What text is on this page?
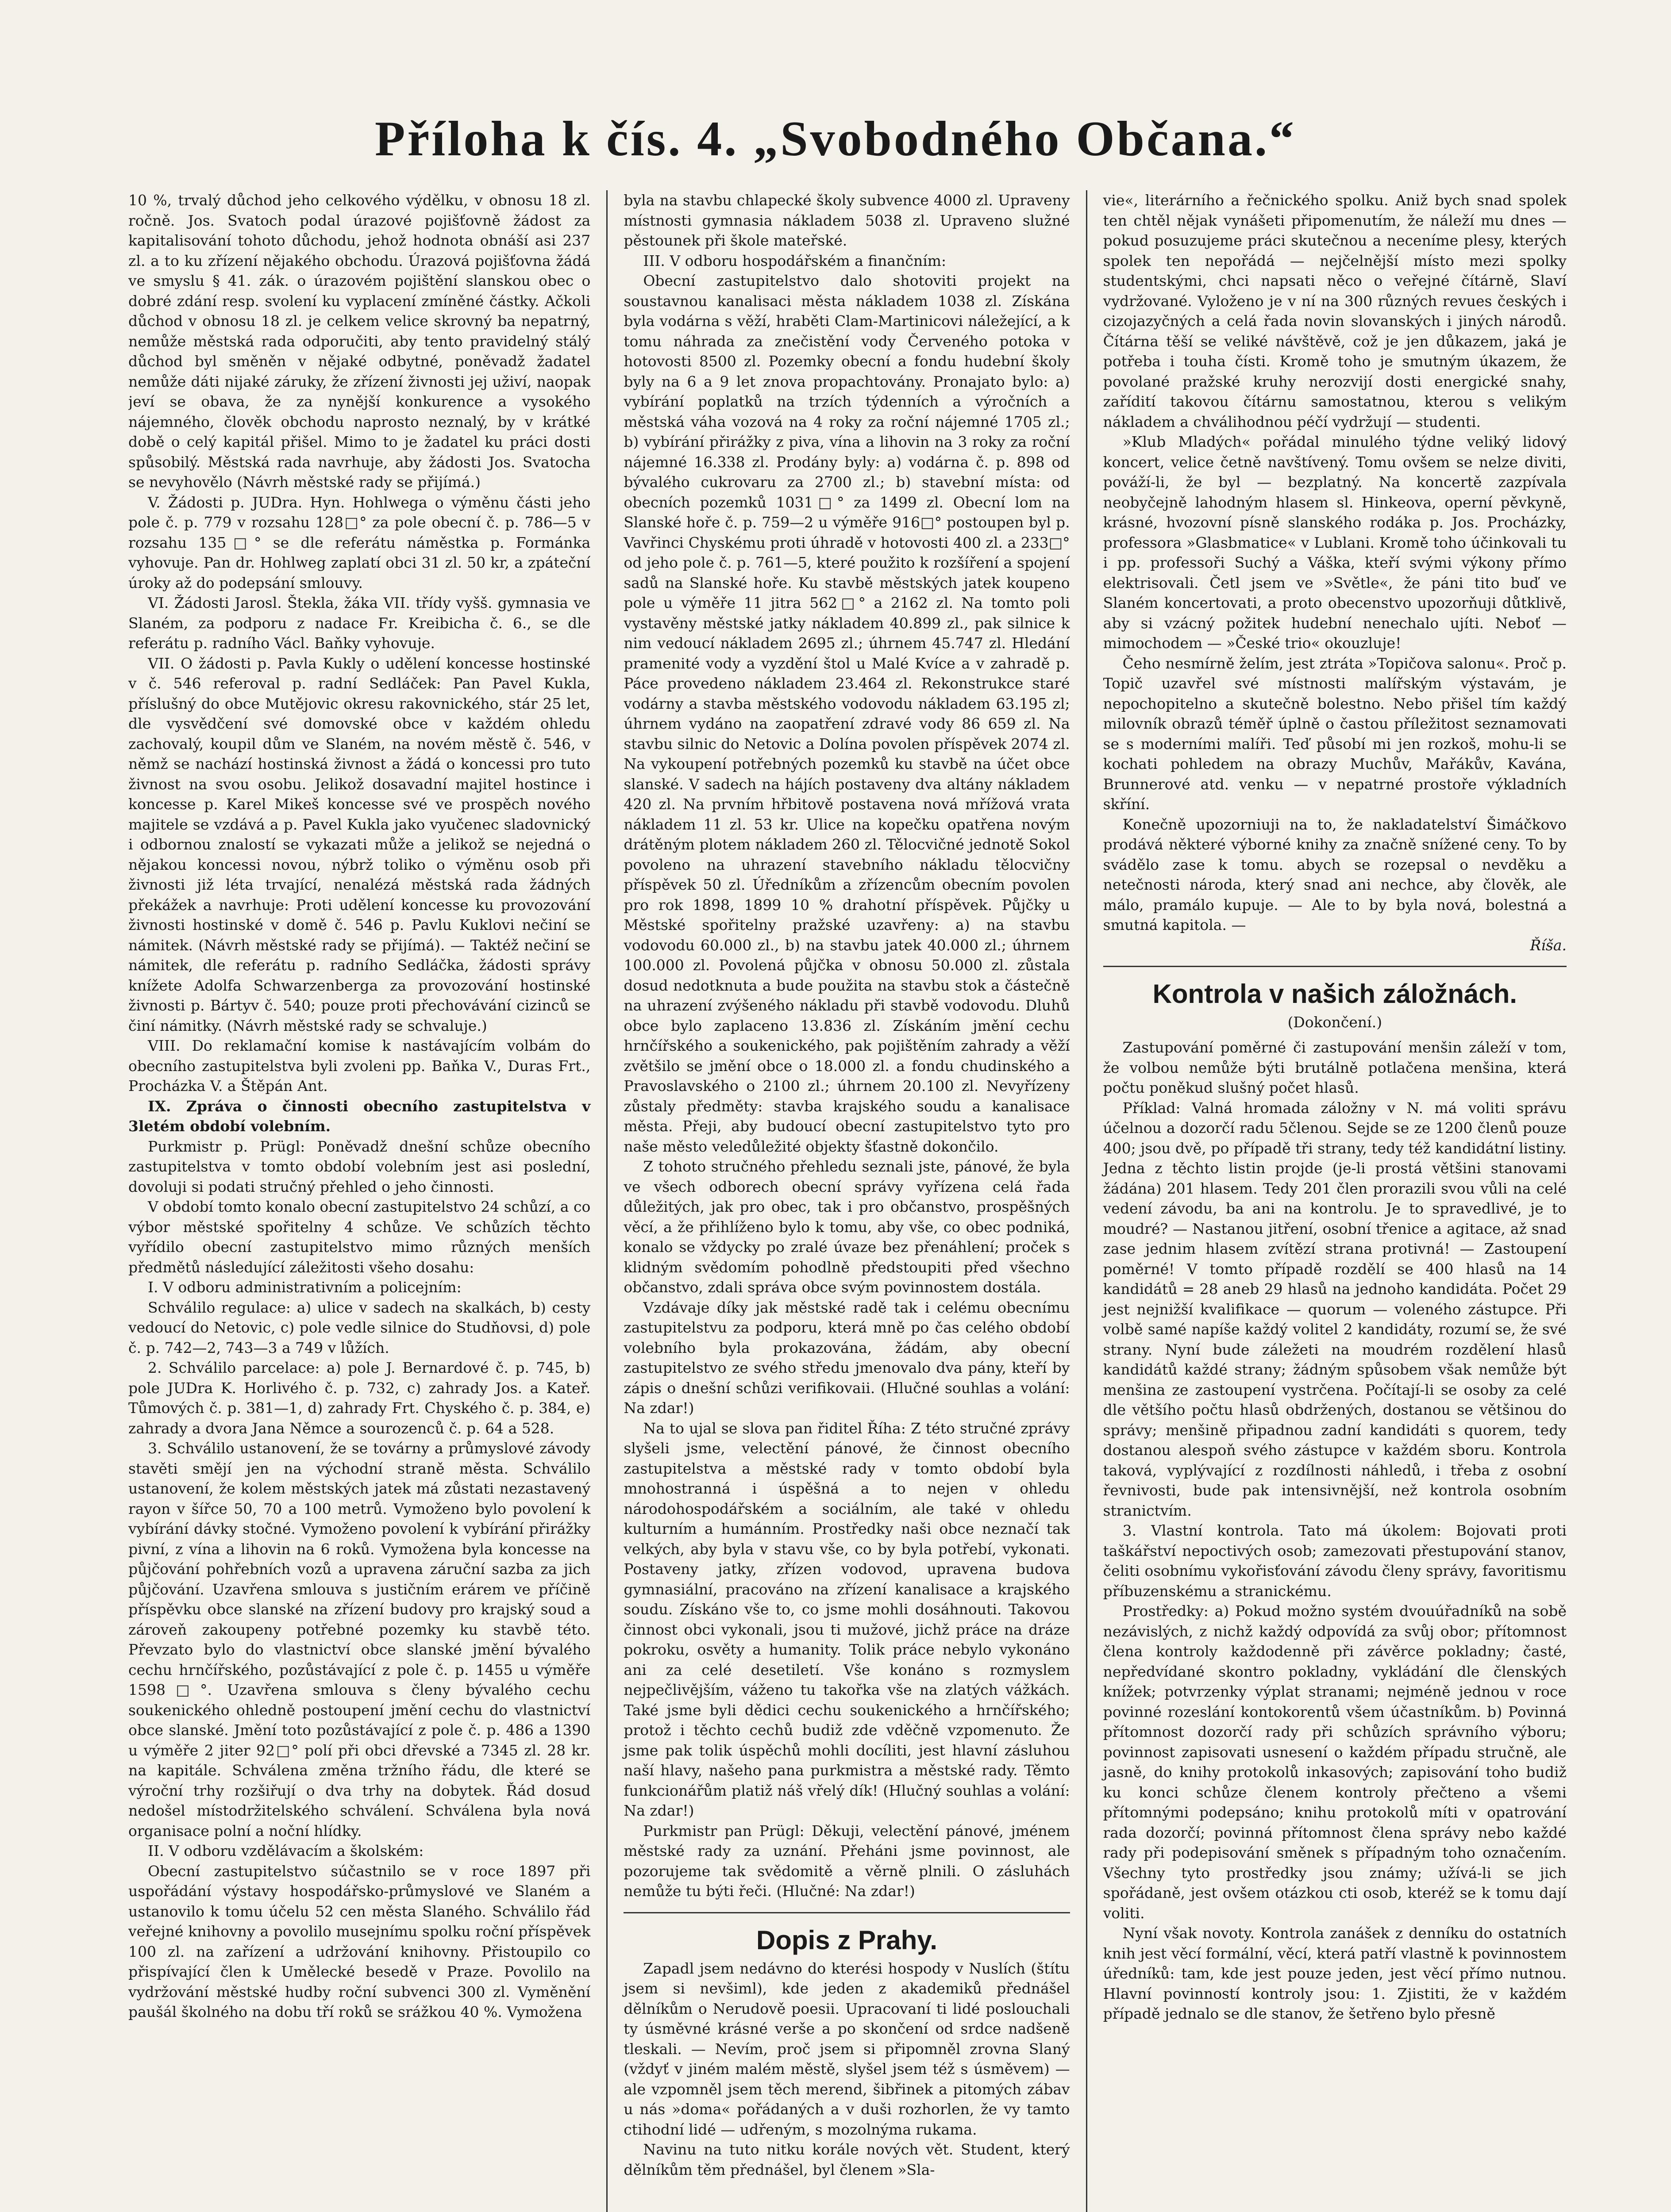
Příloha k čís. 4. „Svobodného Občana.“

10 %, trvalý důchod jeho celkového výdělku, v obnosu 18 zl. ročně. Jos. Svatoch podal úrazové pojišťovně žádost za kapitalisování tohoto důchodu, jehož hodnota obnáší asi 237 zl. a to ku zřízení nějakého obchodu. Úrazová pojišťovna žádá ve smyslu § 41. zák. o úrazovém pojištění slanskou obec o dobré zdání resp. svolení ku vyplacení zmíněné částky. Ačkoli důchod v obnosu 18 zl. je celkem velice skrovný ba nepatrný, nemůže městská rada odporučiti, aby tento pravidelný stálý důchod byl směněn v nějaké odbytné, poněvadž žadatel nemůže dáti nijaké záruky, že zřízení živnosti jej uživí, naopak jeví se obava, že za nynější konkurence a vysokého nájemného, člověk obchodu naprosto neznalý, by v krátké době o celý kapitál přišel. Mimo to je žadatel ku práci dosti spůsobilý. Městská rada navrhuje, aby žádosti Jos. Svatocha se nevyhovělo (Návrh městské rady se přijímá.)

V. Žádosti p. JUDra. Hyn. Hohlwega o výměnu části jeho pole č. p. 779 v rozsahu 128□° za pole obecní č. p. 786—5 v rozsahu 135□° se dle referátu náměstka p. Formánka vyhovuje. Pan dr. Hohlweg zaplatí obci 31 zl. 50 kr, a zpáteční úroky až do podepsání smlouvy.

VI. Žádosti Jarosl. Štekla, žáka VII. třídy vyšš. gymnasia ve Slaném, za podporu z nadace Fr. Kreibicha č. 6., se dle referátu p. radního Václ. Baňky vyhovuje.

VII. O žádosti p. Pavla Kukly o udělení koncesse hostinské v č. 546 referoval p. radní Sedláček: Pan Pavel Kukla, příslušný do obce Mutějovic okresu rakovnického, stár 25 let, dle vysvědčení své domovské obce v každém ohledu zachovalý, koupil dům ve Slaném, na novém městě č. 546, v němž se nachází hostinská živnost a žádá o koncessi pro tuto živnost na svou osobu. Jelikož dosavadní majitel hostince i koncesse p. Karel Mikeš koncesse své ve prospěch nového majitele se vzdává a p. Pavel Kukla jako vyučenec sladovnický i odbornou znalostí se vykazati může a jelikož se nejedná o nějakou koncessi novou, nýbrž toliko o výměnu osob při živnosti již léta trvající, nenalézá městská rada žádných překážek a navrhuje: Proti udělení koncesse ku provozování živnosti hostinské v domě č. 546 p. Pavlu Kuklovi nečiní se námitek. (Návrh městské rady se přijímá). — Taktéž nečiní se námitek, dle referátu p. radního Sedláčka, žádosti správy knížete Adolfa Schwarzenberga za provozování hostinské živnosti p. Bártyv č. 540; pouze proti přechovávání cizinců se činí námitky. (Návrh městské rady se schvaluje.)

VIII. Do reklamační komise k nastávajícím volbám do obecního zastupitelstva byli zvoleni pp. Baňka V., Duras Frt., Procházka V. a Štěpán Ant.

IX. Zpráva o činnosti obecního zastupitelstva v 3letém období volebním.

Purkmistr p. Prügl: Poněvadž dnešní schůze obecního zastupitelstva v tomto období volebním jest asi poslední, dovoluji si podati stručný přehled o jeho činnosti.

V období tomto konalo obecní zastupitelstvo 24 schůzí, a co výbor městské spořitelny 4 schůze. Ve schůzích těchto vyřídilo obecní zastupitelstvo mimo různých menších předmětů následující záležitosti všeho dosahu:

I. V odboru administrativním a policejním:

Schválilo regulace: a) ulice v sadech na skalkách, b) cesty vedoucí do Netovic, c) pole vedle silnice do Studňovsi, d) pole č. p. 742—2, 743—3 a 749 v lůžích.

2. Schválilo parcelace: a) pole J. Bernardové č. p. 745, b) pole JUDra K. Horlivého č. p. 732, c) zahrady Jos. a Kateř. Tůmových č. p. 381—1, d) zahrady Frt. Chyského č. p. 384, e) zahrady a dvora Jana Němce a sourozenců č. p. 64 a 528.

3. Schválilo ustanovení, že se továrny a průmyslové závody stavěti smějí jen na východní straně města. Schválilo ustanovení, že kolem městských jatek má zůstati nezastavený rayon v šířce 50, 70 a 100 metrů. Vymoženo bylo povolení k vybírání dávky stočné. Vymoženo povolení k vybírání přirážky pivní, z vína a lihovin na 6 roků. Vymožena byla koncesse na půjčování pohřebních vozů a upravena záruční sazba za jich půjčování. Uzavřena smlouva s justičním erárem ve příčině příspěvku obce slanské na zřízení budovy pro krajský soud a zároveň zakoupeny potřebné pozemky ku stavbě této. Převzato bylo do vlastnictví obce slanské jmění bývalého cechu hrnčířského, pozůstávající z pole č. p. 1455 u výměře 1598□°. Uzavřena smlouva s členy bývalého cechu soukenického ohledně postoupení jmění cechu do vlastnictví obce slanské. Jmění toto pozůstávající z pole č. p. 486 a 1390 u výměře 2 jiter 92□° polí při obci dřevské a 7345 zl. 28 kr. na kapitále. Schválena změna tržního řádu, dle které se výroční trhy rozšiřují o dva trhy na dobytek. Řád dosud nedošel místodržitelského schválení. Schválena byla nová organisace polní a noční hlídky.

II. V odboru vzdělávacím a školském:

Obecní zastupitelstvo súčastnilo se v roce 1897 při uspořádání výstavy hospodářsko-průmyslové ve Slaném a ustanovilo k tomu účelu 52 cen města Slaného. Schválilo řád veřejné knihovny a povolilo musejnímu spolku roční příspěvek 100 zl. na zařízení a udržování knihovny. Přistoupilo co přispívající člen k Umělecké besedě v Praze. Povolilo na vydržování městské hudby roční subvenci 300 zl. Vyměnění paušál školného na dobu tří roků se srážkou 40 %. Vymožena

byla na stavbu chlapecké školy subvence 4000 zl. Upraveny místnosti gymnasia nákladem 5038 zl. Upraveno služné pěstounek při škole mateřské.

III. V odboru hospodářském a finančním:

Obecní zastupitelstvo dalo shotoviti projekt na soustavnou kanalisaci města nákladem 1038 zl. Získána byla vodárna s věží, hraběti Clam-Martinicovi náležející, a k tomu náhrada za znečistění vody Červeného potoka v hotovosti 8500 zl. Pozemky obecní a fondu hudební školy byly na 6 a 9 let znova propachtovány. Pronajato bylo: a) vybírání poplatků na trzích týdenních a výročních a městská váha vozová na 4 roky za roční nájemné 1705 zl.; b) vybírání přirážky z piva, vína a lihovin na 3 roky za roční nájemné 16.338 zl. Prodány byly: a) vodárna č. p. 898 od bývalého cukrovaru za 2700 zl.; b) stavební místa: od obecních pozemků 1031□° za 1499 zl. Obecní lom na Slanské hoře č. p. 759—2 u výměře 916□° postoupen byl p. Vavřinci Chyskému proti úhradě v hotovosti 400 zl. a 233□° od jeho pole č. p. 761—5, které použito k rozšíření a spojení sadů na Slanské hoře. Ku stavbě městských jatek koupeno pole u výměře 11 jitra 562□° a 2162 zl. Na tomto poli vystavěny městské jatky nákladem 40.899 zl., pak silnice k nim vedoucí nákladem 2695 zl.; úhrnem 45.747 zl. Hledání pramenité vody a vyzdění štol u Malé Kvíce a v zahradě p. Páce provedeno nákladem 23.464 zl. Rekonstrukce staré vodárny a stavba městského vodovodu nákladem 63.195 zl; úhrnem vydáno na zaopatření zdravé vody 86 659 zl. Na stavbu silnic do Netovic a Dolína povolen příspěvek 2074 zl. Na vykoupení potřebných pozemků ku stavbě na účet obce slanské. V sadech na hájích postaveny dva altány nákladem 420 zl. Na prvním hřbitově postavena nová mřížová vrata nákladem 11 zl. 53 kr. Ulice na kopečku opatřena novým drátěným plotem nákladem 260 zl. Tělocvičné jednotě Sokol povoleno na uhrazení stavebního nákladu tělocvičny příspěvek 50 zl. Úředníkům a zřízencům obecním povolen pro rok 1898, 1899 10 % drahotní příspěvek. Půjčky u Městské spořitelny pražské uzavřeny: a) na stavbu vodovodu 60.000 zl., b) na stavbu jatek 40.000 zl.; úhrnem 100.000 zl. Povolená půjčka v obnosu 50.000 zl. zůstala dosud nedotknuta a bude použita na stavbu stok a částečně na uhrazení zvýšeného nákladu při stavbě vodovodu. Dluhů obce bylo zaplaceno 13.836 zl. Získáním jmění cechu hrnčířského a soukenického, pak pojištěním zahrady a věží zvětšilo se jmění obce o 18.000 zl. a fondu chudinského a Pravoslavského o 2100 zl.; úhrnem 20.100 zl. Nevyřízeny zůstaly předměty: stavba krajského soudu a kanalisace města. Přeji, aby budoucí obecní zastupitelstvo tyto pro naše město veledůležité objekty šťastně dokončilo.

Z tohoto stručného přehledu seznali jste, pánové, že byla ve všech odborech obecní správy vyřízena celá řada důležitých, jak pro obec, tak i pro občanstvo, prospěšných věcí, a že přihlíženo bylo k tomu, aby vše, co obec podniká, konalo se vždycky po zralé úvaze bez přenáhlení; proček s klidným svědomím pohodlně předstoupiti před všechno občanstvo, zdali správa obce svým povinnostem dostála.

Vzdávaje díky jak městské radě tak i celému obecnímu zastupitelstvu za podporu, která mně po čas celého období volebního byla prokazována, žádám, aby obecní zastupitelstvo ze svého středu jmenovalo dva pány, kteří by zápis o dnešní schůzi verifikovaii. (Hlučné souhlas a volání: Na zdar!)

Na to ujal se slova pan řiditel Říha: Z této stručné zprávy slyšeli jsme, velectění pánové, že činnost obecního zastupitelstva a městské rady v tomto období byla mnohostranná i úspěšná a to nejen v ohledu národohospodářském a sociálním, ale také v ohledu kulturním a humánním. Prostředky naši obce neznačí tak velkých, aby byla v stavu vše, co by byla potřebí, vykonati. Postaveny jatky, zřízen vodovod, upravena budova gymnasiální, pracováno na zřízení kanalisace a krajského soudu. Získáno vše to, co jsme mohli dosáhnouti. Takovou činnost obci vykonali, jsou ti mužové, jichž práce na dráze pokroku, osvěty a humanity. Tolik práce nebylo vykonáno ani za celé desetiletí. Vše konáno s rozmyslem nejpečlivějším, váženo tu takořka vše na zlatých vážkách. Také jsme byli dědici cechu soukenického a hrnčířského; protož i těchto cechů budiž zde vděčně vzpomenuto. Že jsme pak tolik úspěchů mohli docíliti, jest hlavní zásluhou naší hlavy, našeho pana purkmistra a městské rady. Těmto funkcionářům platiž náš vřelý dík! (Hlučný souhlas a volání: Na zdar!)

Purkmistr pan Prügl: Děkuji, velectění pánové, jménem městské rady za uznání. Přeháni jsme povinnost, ale pozorujeme tak svědomitě a věrně plnili. O zásluhách nemůže tu býti řeči. (Hlučné: Na zdar!)

Dopis z Prahy.

Zapadl jsem nedávno do kterési hospody v Nuslích (štítu jsem si nevšiml), kde jeden z akademiků přednášel dělníkům o Nerudově poesii. Upracovaní ti lidé poslouchali ty úsměvné krásné verše a po skončení od srdce nadšeně tleskali. — Nevím, proč jsem si připomněl zrovna Slaný (vždyť v jiném malém městě, slyšel jsem též s úsměvem) — ale vzpomněl jsem těch merend, šibřinek a pitomých zábav u nás »doma« pořádaných a v duši rozhorlen, že vy tamto ctihodní lidé — udřeným, s mozolnýma rukama.

Navinu na tuto nitku korále nových vět. Student, který dělníkům těm přednášel, byl členem »Sla-

vie«, literárního a řečnického spolku. Aniž bych snad spolek ten chtěl nějak vynášeti připomenutím, že náleží mu dnes — pokud posuzujeme práci skutečnou a neceníme plesy, kterých spolek ten nepořádá — nejčelnější místo mezi spolky studentskými, chci napsati něco o veřejné čítárně, Slaví vydržované. Vyloženo je v ní na 300 různých revues českých i cizojazyčných a celá řada novin slovanských i jiných národů. Čítárna těší se veliké návštěvě, což je jen důkazem, jaká je potřeba i touha čísti. Kromě toho je smutným úkazem, že povolané pražské kruhy nerozvijí dosti energické snahy, zařídití takovou čítárnu samostatnou, kterou s velikým nákladem a chválihodnou péčí vydržují — studenti.

»Klub Mladých« pořádal minulého týdne veliký lidový koncert, velice četně navštívený. Tomu ovšem se nelze diviti, pováží-li, že byl — bezplatný. Na koncertě zazpívala neobyčejně lahodným hlasem sl. Hinkeova, operní pěvkyně, krásné, hvozovní písně slanského rodáka p. Jos. Procházky, professora »Glasbmatice« v Lublani. Kromě toho účinkovali tu i pp. professoři Suchý a Váška, kteří svými výkony přímo elektrisovali. Četl jsem ve »Světle«, že páni tito buď ve Slaném koncertovati, a proto obecenstvo upozorňuji důtklivě, aby si vzácný požitek hudební nenechalo ujíti. Neboť — mimochodem — »České trio« okouzluje!

Čeho nesmírně želím, jest ztráta »Topičova salonu«. Proč p. Topič uzavřel své místnosti malířským výstavám, je nepochopitelno a skutečně bolestno. Nebo přišel tím každý milovník obrazů téměř úplně o častou příležitost seznamovati se s moderními malíři. Teď působí mi jen rozkoš, mohu-li se kochati pohledem na obrazy Muchův, Mařákův, Kavána, Brunnerové atd. venku — v nepatrné prostoře výkladních skříní.

Konečně upozorniuji na to, že nakladatelství Šimáčkovo prodává některé výborné knihy za značně snížené ceny. To by svádělo zase k tomu. abych se rozepsal o nevděku a netečnosti národa, který snad ani nechce, aby člověk, ale málo, pramálo kupuje. — Ale to by byla nová, bolestná a smutná kapitola. —

Říša.

Kontrola v našich záložnách.

(Dokončení.)

Zastupování poměrné či zastupování menšin záleží v tom, že volbou nemůže býti brutálně potlačena menšina, která počtu poněkud slušný počet hlasů.

Příklad: Valná hromada záložny v N. má voliti správu účelnou a dozorčí radu 5členou. Sejde se ze 1200 členů pouze 400; jsou dvě, po případě tři strany, tedy též kandidátní listiny. Jedna z těchto listin projde (je-li prostá většini stanovami žádána) 201 hlasem. Tedy 201 člen prorazili svou vůli na celé vedení závodu, ba ani na kontrolu. Je to spravedlivé, je to moudré? — Nastanou jitření, osobní třenice a agitace, až snad zase jednim hlasem zvítězí strana protivná! — Zastoupení poměrné! V tomto případě rozdělí se 400 hlasů na 14 kandidátů = 28 aneb 29 hlasů na jednoho kandidáta. Počet 29 jest nejnižší kvalifikace — quorum — voleného zástupce. Při volbě samé napíše každý volitel 2 kandidáty, rozumí se, že své strany. Nyní bude záležeti na moudrém rozdělení hlasů kandidátů každé strany; žádným spůsobem však nemůže být menšina ze zastoupení vystrčena. Počítají-li se osoby za celé dle většího počtu hlasů obdržených, dostanou se většinou do správy; menšině připadnou zadní kandidáti s quorem, tedy dostanou alespoň svého zástupce v každém sboru. Kontrola taková, vyplývající z rozdílnosti náhledů, i třeba z osobní řevnivosti, bude pak intensivnější, než kontrola osobním stranictvím.

3. Vlastní kontrola. Tato má úkolem: Bojovati proti taškářství nepoctivých osob; zamezovati přestupování stanov, čeliti osobnímu vykořisťování závodu členy správy, favoritismu příbuzenskému a stranickému.

Prostředky: a) Pokud možno systém dvouúřadníků na sobě nezávislých, z nichž každý odpovídá za svůj obor; přítomnost člena kontroly každodenně při závěrce pokladny; časté, nepředvídané skontro pokladny, vykládání dle členských knížek; potvrzenky výplat stranami; nejméně jednou v roce povinné rozeslání kontokorentů všem účastníkům. b) Povinná přítomnost dozorčí rady při schůzích správního výboru; povinnost zapisovati usnesení o každém případu stručně, ale jasně, do knihy protokolů inkasových; zapisování toho budiž ku konci schůze členem kontroly přečteno a všemi přítomnými podepsáno; knihu protokolů míti v opatrování rada dozorčí; povinná přítomnost člena správy nebo každé rady při podepisování směnek s případným toho označením. Všechny tyto prostředky jsou známy; užívá-li se jich spořádaně, jest ovšem otázkou cti osob, kteréž se k tomu dají voliti.

Nyní však novoty. Kontrola zanášek z denníku do ostatních knih jest věcí formální, věcí, která patří vlastně k povinnostem úředníků: tam, kde jest pouze jeden, jest věcí přímo nutnou. Hlavní povinností kontroly jsou: 1. Zjistiti, že v každém případě jednalo se dle stanov, že šetřeno bylo přesně
